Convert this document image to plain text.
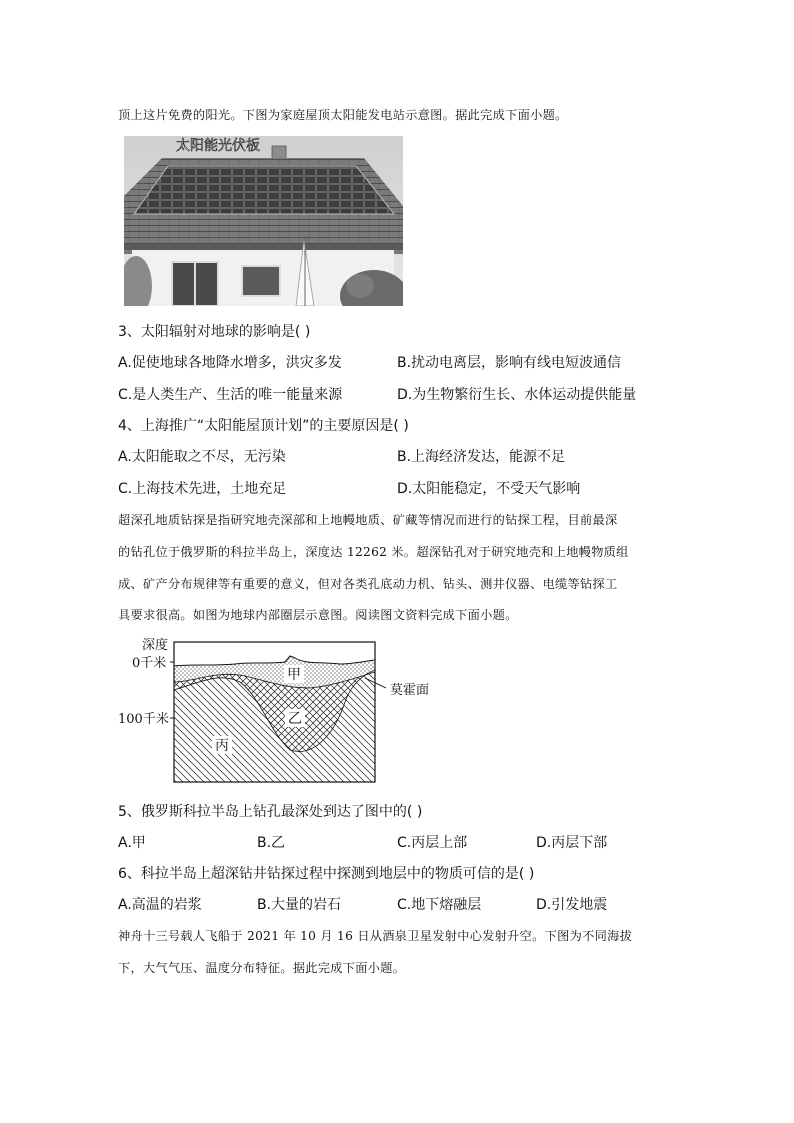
顶上这片免费的阳光。下图为家庭屋顶太阳能发电站示意图。据此完成下面小题。
太阳能光伏板
3、太阳辐射对地球的影响是( )
A.促使地球各地降水增多，洪灾多发	B.扰动电离层，影响有线电短波通信
C.是人类生产、生活的唯一能量来源	D.为生物繁衍生长、水体运动提供能量
4、上海推广“太阳能屋顶计划”的主要原因是( )
A.太阳能取之不尽，无污染	B.上海经济发达，能源不足
C.上海技术先进，土地充足	D.太阳能稳定，不受天气影响
超深孔地质钻探是指研究地壳深部和上地幔地质、矿藏等情况而进行的钻探工程，目前最深
的钻孔位于俄罗斯的科拉半岛上，深度达 12262 米。超深钻孔对于研究地壳和上地幔物质组
成、矿产分布规律等有重要的意义，但对各类孔底动力机、钻头、测井仪器、电缆等钻探工
具要求很高。如图为地球内部圈层示意图。阅读图文资料完成下面小题。
深度
0千米
100千米
甲
乙
丙
莫霍面
5、俄罗斯科拉半岛上钻孔最深处到达了图中的( )
A.甲	B.乙	C.丙层上部	D.丙层下部
6、科拉半岛上超深钻井钻探过程中探测到地层中的物质可信的是( )
A.高温的岩浆	B.大量的岩石	C.地下熔融层	D.引发地震
神舟十三号载人飞船于 2021 年 10 月 16 日从酒泉卫星发射中心发射升空。下图为不同海拔
下，大气气压、温度分布特征。据此完成下面小题。
